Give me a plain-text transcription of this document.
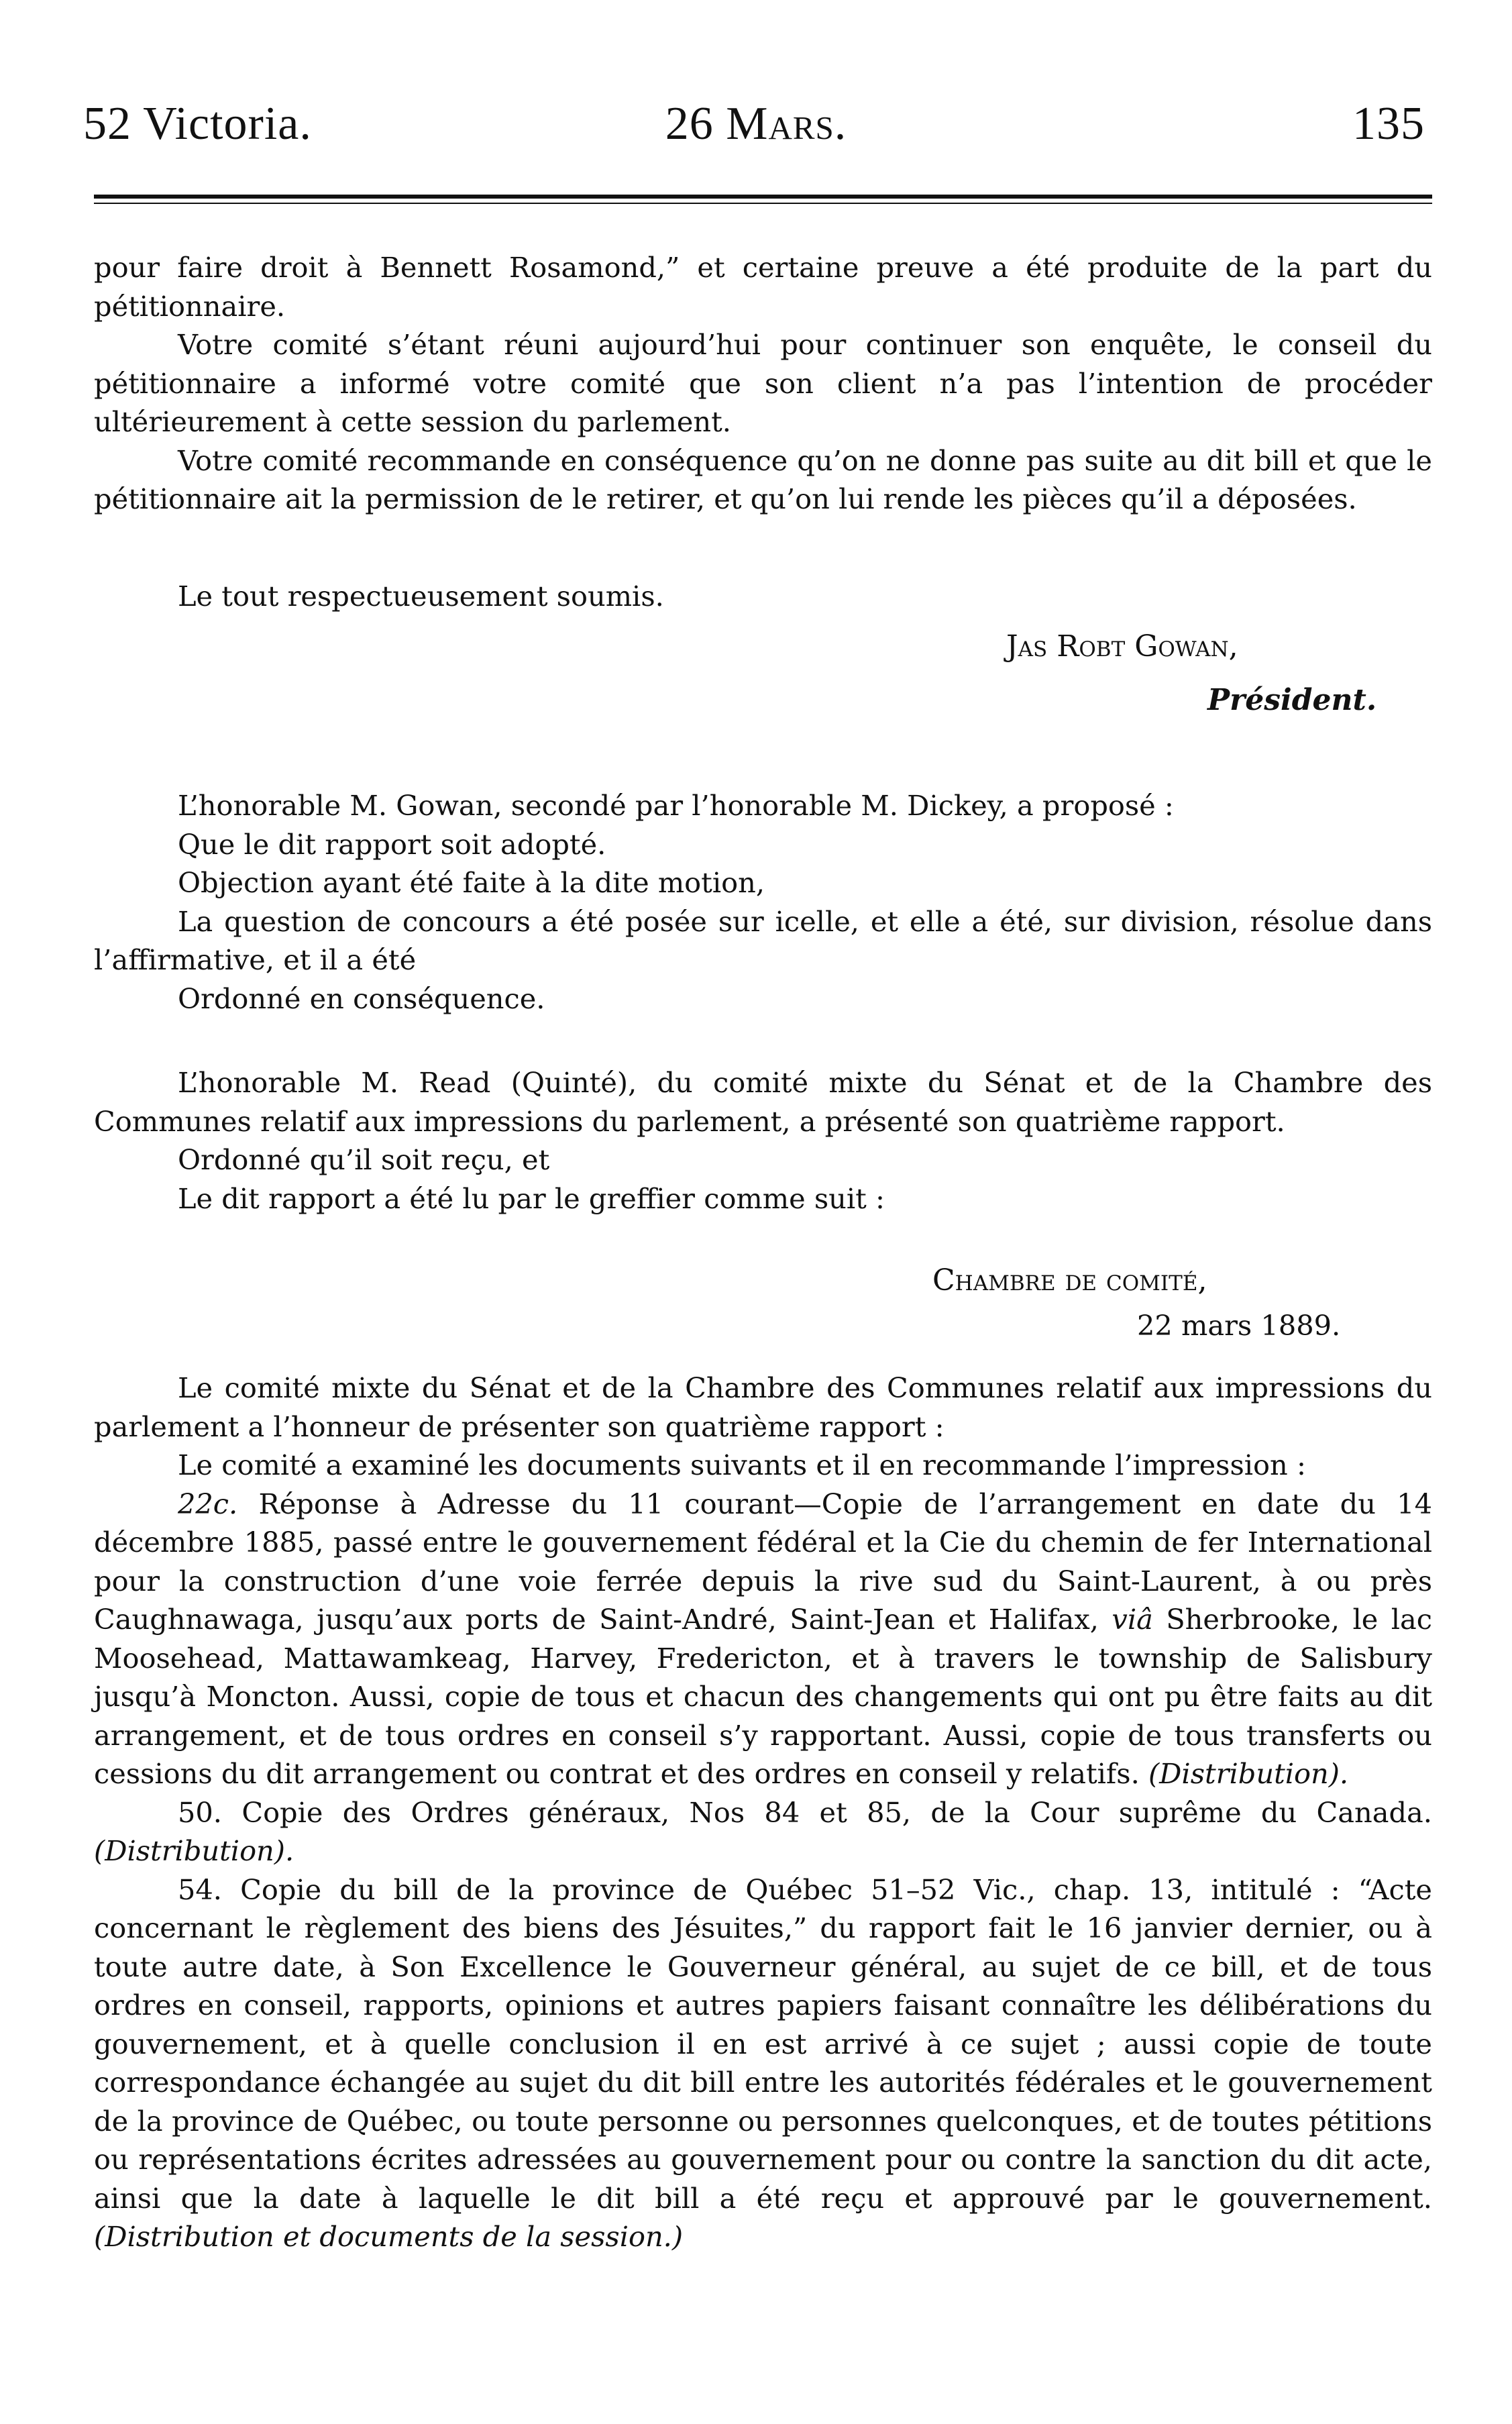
52 Victoria.	26 Mars.	135

pour faire droit à Bennett Rosamond,” et certaine preuve a été produite de la part du pétitionnaire.

Votre comité s’étant réuni aujourd’hui pour continuer son enquête, le conseil du pétitionnaire a informé votre comité que son client n’a pas l’intention de procéder ultérieurement à cette session du parlement.

Votre comité recommande en conséquence qu’on ne donne pas suite au dit bill et que le pétitionnaire ait la permission de le retirer, et qu’on lui rende les pièces qu’il a déposées.

Le tout respectueusement soumis.

Jas Robt Gowan,
Président.

L’honorable M. Gowan, secondé par l’honorable M. Dickey, a proposé :

Que le dit rapport soit adopté.

Objection ayant été faite à la dite motion,

La question de concours a été posée sur icelle, et elle a été, sur division, résolue dans l’affirmative, et il a été

Ordonné en conséquence.

L’honorable M. Read (Quinté), du comité mixte du Sénat et de la Chambre des Communes relatif aux impressions du parlement, a présenté son quatrième rapport.

Ordonné qu’il soit reçu, et

Le dit rapport a été lu par le greffier comme suit :

Chambre de comité,
22 mars 1889.

Le comité mixte du Sénat et de la Chambre des Communes relatif aux impressions du parlement a l’honneur de présenter son quatrième rapport :

Le comité a examiné les documents suivants et il en recommande l’impression :

22c. Réponse à Adresse du 11 courant—Copie de l’arrangement en date du 14 décembre 1885, passé entre le gouvernement fédéral et la Cie du chemin de fer International pour la construction d’une voie ferrée depuis la rive sud du Saint-Laurent, à ou près Caughnawaga, jusqu’aux ports de Saint-André, Saint-Jean et Halifax, viâ Sherbrooke, le lac Moosehead, Mattawamkeag, Harvey, Fredericton, et à travers le township de Salisbury jusqu’à Moncton. Aussi, copie de tous et chacun des changements qui ont pu être faits au dit arrangement, et de tous ordres en conseil s’y rapportant. Aussi, copie de tous transferts ou cessions du dit arrangement ou contrat et des ordres en conseil y relatifs. (Distribution).

50. Copie des Ordres généraux, Nos 84 et 85, de la Cour suprême du Canada. (Distribution).

54. Copie du bill de la province de Québec 51–52 Vic., chap. 13, intitulé : “Acte concernant le règlement des biens des Jésuites,” du rapport fait le 16 janvier dernier, ou à toute autre date, à Son Excellence le Gouverneur général, au sujet de ce bill, et de tous ordres en conseil, rapports, opinions et autres papiers faisant connaître les délibérations du gouvernement, et à quelle conclusion il en est arrivé à ce sujet ; aussi copie de toute correspondance échangée au sujet du dit bill entre les autorités fédérales et le gouvernement de la province de Québec, ou toute personne ou personnes quelconques, et de toutes pétitions ou représentations écrites adressées au gouvernement pour ou contre la sanction du dit acte, ainsi que la date à laquelle le dit bill a été reçu et approuvé par le gouvernement. (Distribution et documents de la session.)
